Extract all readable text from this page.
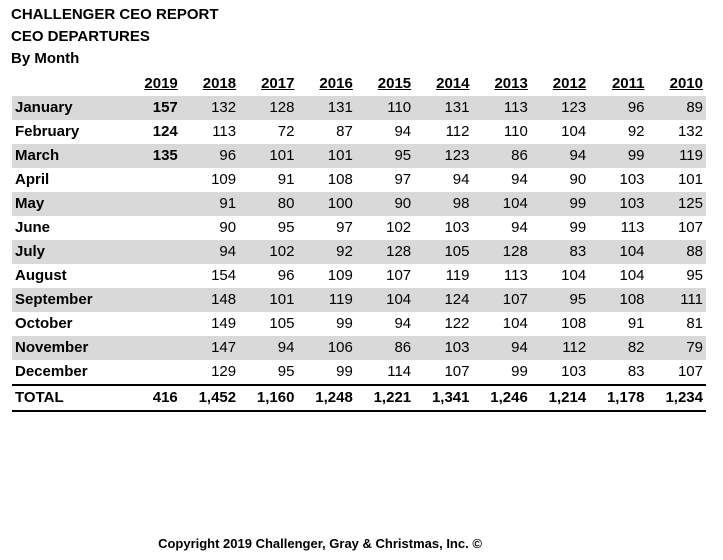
CHALLENGER CEO REPORT
CEO DEPARTURES
By Month
	2019	2018	2017	2016	2015	2014	2013	2012	2011	2010
January	157	132	128	131	110	131	113	123	96	89
February	124	113	72	87	94	112	110	104	92	132
March	135	96	101	101	95	123	86	94	99	119
April		109	91	108	97	94	94	90	103	101
May		91	80	100	90	98	104	99	103	125
June		90	95	97	102	103	94	99	113	107
July		94	102	92	128	105	128	83	104	88
August		154	96	109	107	119	113	104	104	95
September		148	101	119	104	124	107	95	108	111
October		149	105	99	94	122	104	108	91	81
November		147	94	106	86	103	94	112	82	79
December		129	95	99	114	107	99	103	83	107
TOTAL	416	1,452	1,160	1,248	1,221	1,341	1,246	1,214	1,178	1,234
Copyright 2019 Challenger, Gray & Christmas, Inc. ©
